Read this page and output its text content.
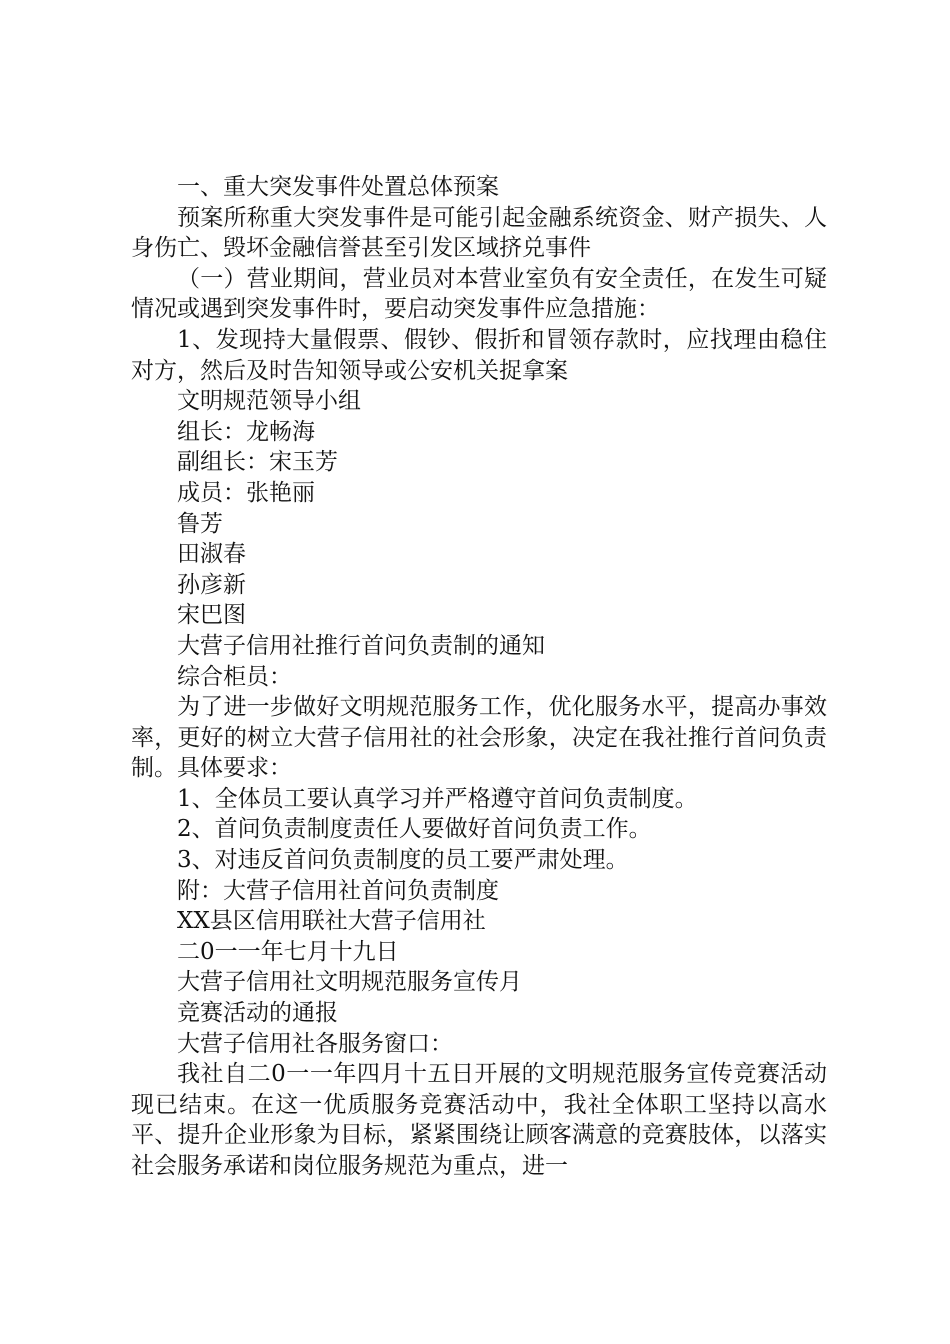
一、重大突发事件处置总体预案

预案所称重大突发事件是可能引起金融系统资金、财产损失、人身伤亡、毁坏金融信誉甚至引发区域挤兑事件

（一）营业期间，营业员对本营业室负有安全责任，在发生可疑情况或遇到突发事件时，要启动突发事件应急措施：

1、发现持大量假票、假钞、假折和冒领存款时，应找理由稳住对方，然后及时告知领导或公安机关捉拿案

文明规范领导小组

组长：龙畅海

副组长：宋玉芳

成员：张艳丽

鲁芳

田淑春

孙彦新

宋巴图

大营子信用社推行首问负责制的通知

综合柜员：

为了进一步做好文明规范服务工作，优化服务水平，提高办事效率，更好的树立大营子信用社的社会形象，决定在我社推行首问负责制。具体要求：

1、全体员工要认真学习并严格遵守首问负责制度。

2、首问负责制度责任人要做好首问负责工作。

3、对违反首问负责制度的员工要严肃处理。

附：大营子信用社首问负责制度

XX县区信用联社大营子信用社

二0一一年七月十九日

大营子信用社文明规范服务宣传月

竞赛活动的通报

大营子信用社各服务窗口：

我社自二0一一年四月十五日开展的文明规范服务宣传竞赛活动现已结束。在这一优质服务竞赛活动中，我社全体职工坚持以高水平、提升企业形象为目标，紧紧围绕让顾客满意的竞赛肢体，以落实社会服务承诺和岗位服务规范为重点，进一
